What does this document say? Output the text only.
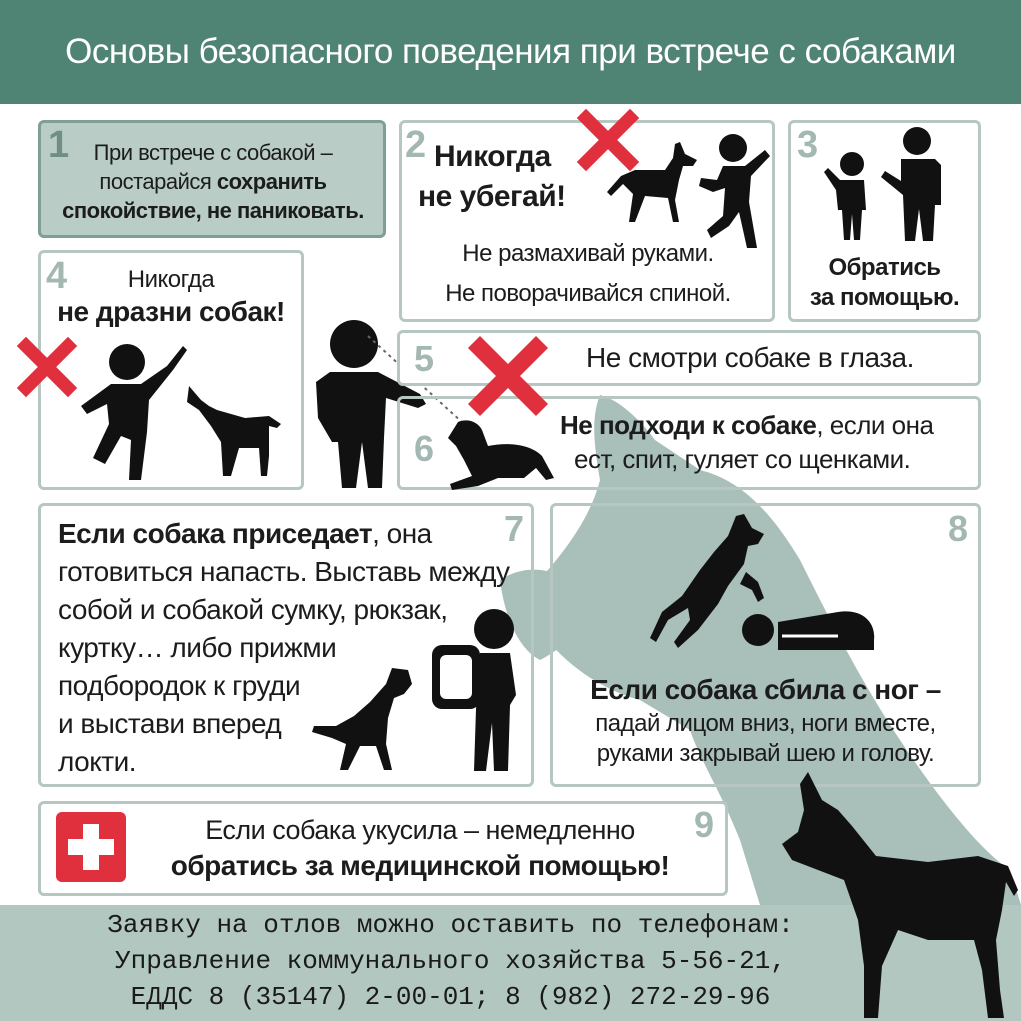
Основы безопасного поведения при встрече с собаками
1	При встрече с собакой –
постарайся сохранить
спокойствие, не паниковать.
2 Никогда
не убегай!
Не размахивай руками.
Не поворачивайся спиной.
3
Обратись
за помощью.
4	Никогда
не дразни собак!
5	Не смотри собаке в глаза.
6
Не подходи к собаке, если она
ест, спит, гуляет со щенками.
7
Если собака приседает, она
готовиться напасть. Выставь между
собой и собакой сумку, рюкзак,
куртку… либо прижми
подбородок к груди
и выстави вперед
локти.
8
Если собака сбила с ног –
падай лицом вниз, ноги вместе,
руками закрывай шею и голову.
9
Если собака укусила – немедленно
обратись за медицинской помощью!
Заявку на отлов можно оставить по телефонам:
Управление коммунального хозяйства 5-56-21,
ЕДДС 8 (35147) 2-00-01; 8 (982) 272-29-96
